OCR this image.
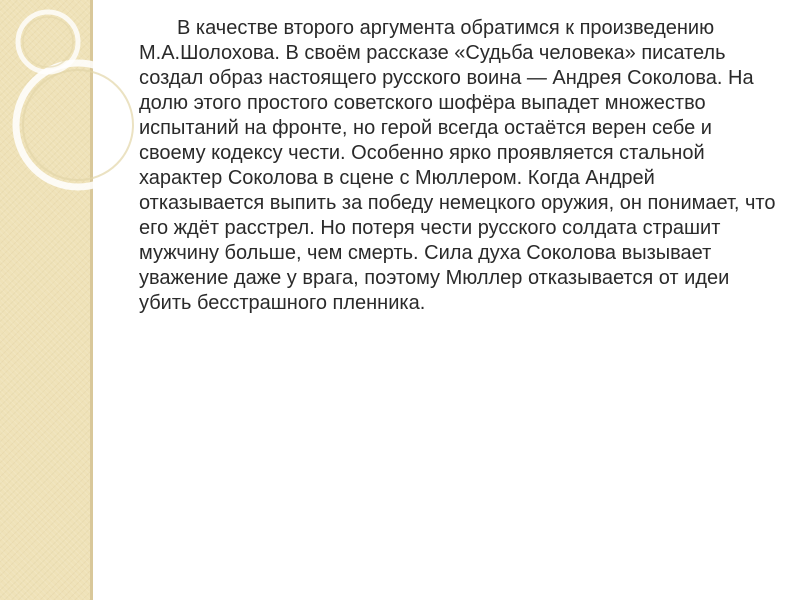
В качестве второго аргумента обратимся к произведению М.А.Шолохова. В своём рассказе «Судьба человека» писатель создал образ настоящего русского воина — Андрея Соколова. На долю этого простого советского шофёра выпадет множество испытаний на фронте, но герой всегда остаётся верен себе и своему кодексу чести. Особенно ярко проявляется стальной характер Соколова в сцене с Мюллером. Когда Андрей отказывается выпить за победу немецкого оружия, он понимает, что его ждёт расстрел. Но потеря чести русского солдата страшит мужчину больше, чем смерть. Сила духа Соколова вызывает уважение даже у врага, поэтому Мюллер отказывается от идеи убить бесстрашного пленника.
